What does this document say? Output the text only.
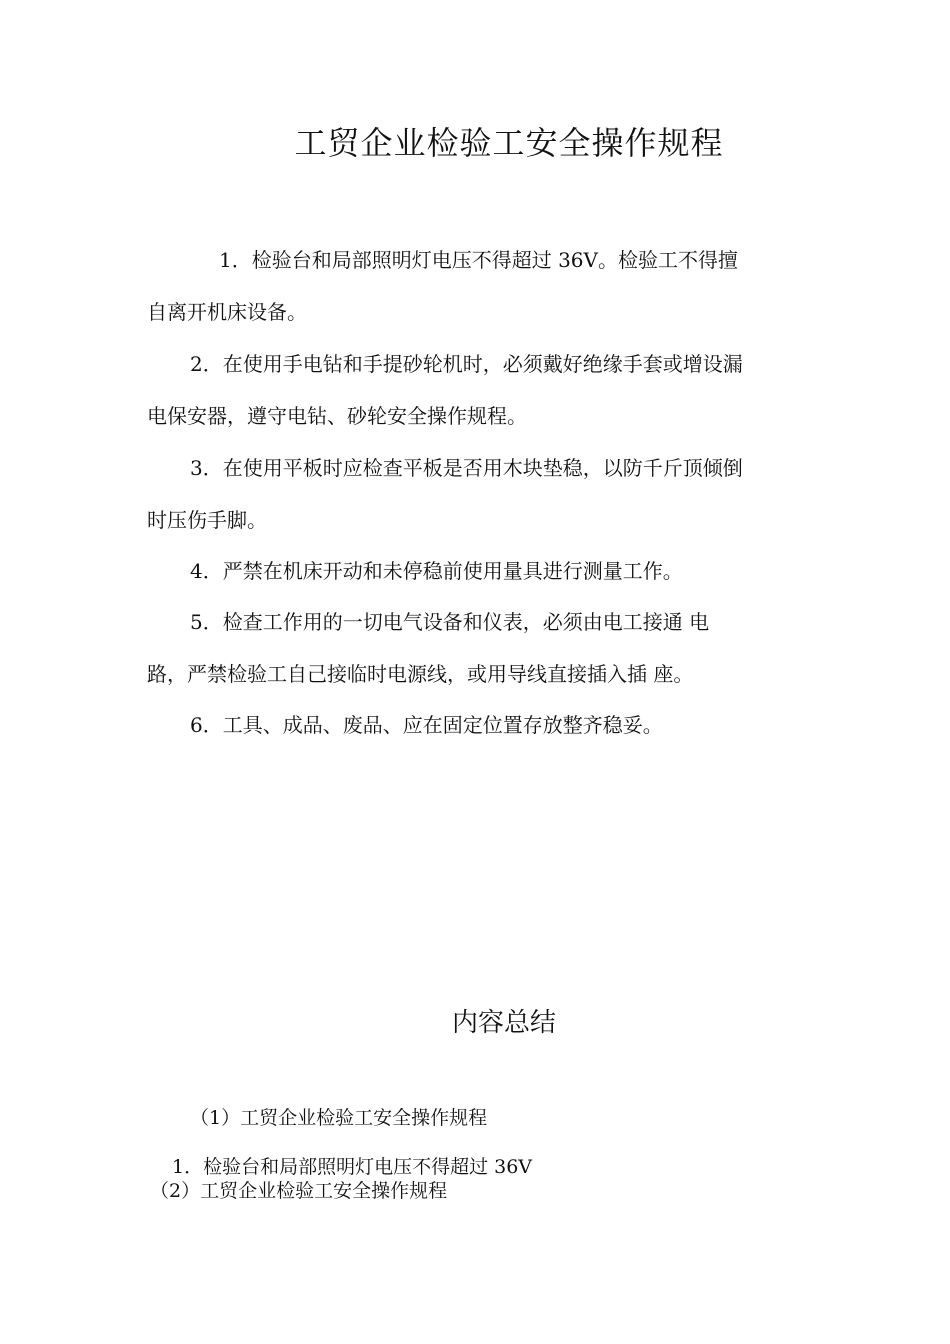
工贸企业检验工安全操作规程
1．检验台和局部照明灯电压不得超过 36V。检验工不得擅
自离开机床设备。
2．在使用手电钻和手提砂轮机时，必须戴好绝缘手套或增设漏
电保安器，遵守电钻、砂轮安全操作规程。
3．在使用平板时应检查平板是否用木块垫稳，以防千斤顶倾倒
时压伤手脚。
4．严禁在机床开动和未停稳前使用量具进行测量工作。
5．检查工作用的一切电气设备和仪表，必须由电工接通 电
路，严禁检验工自己接临时电源线，或用导线直接插入插 座。
6．工具、成品、废品、应在固定位置存放整齐稳妥。
内容总结
（1）工贸企业检验工安全操作规程
1．检验台和局部照明灯电压不得超过 36V
（2）工贸企业检验工安全操作规程
